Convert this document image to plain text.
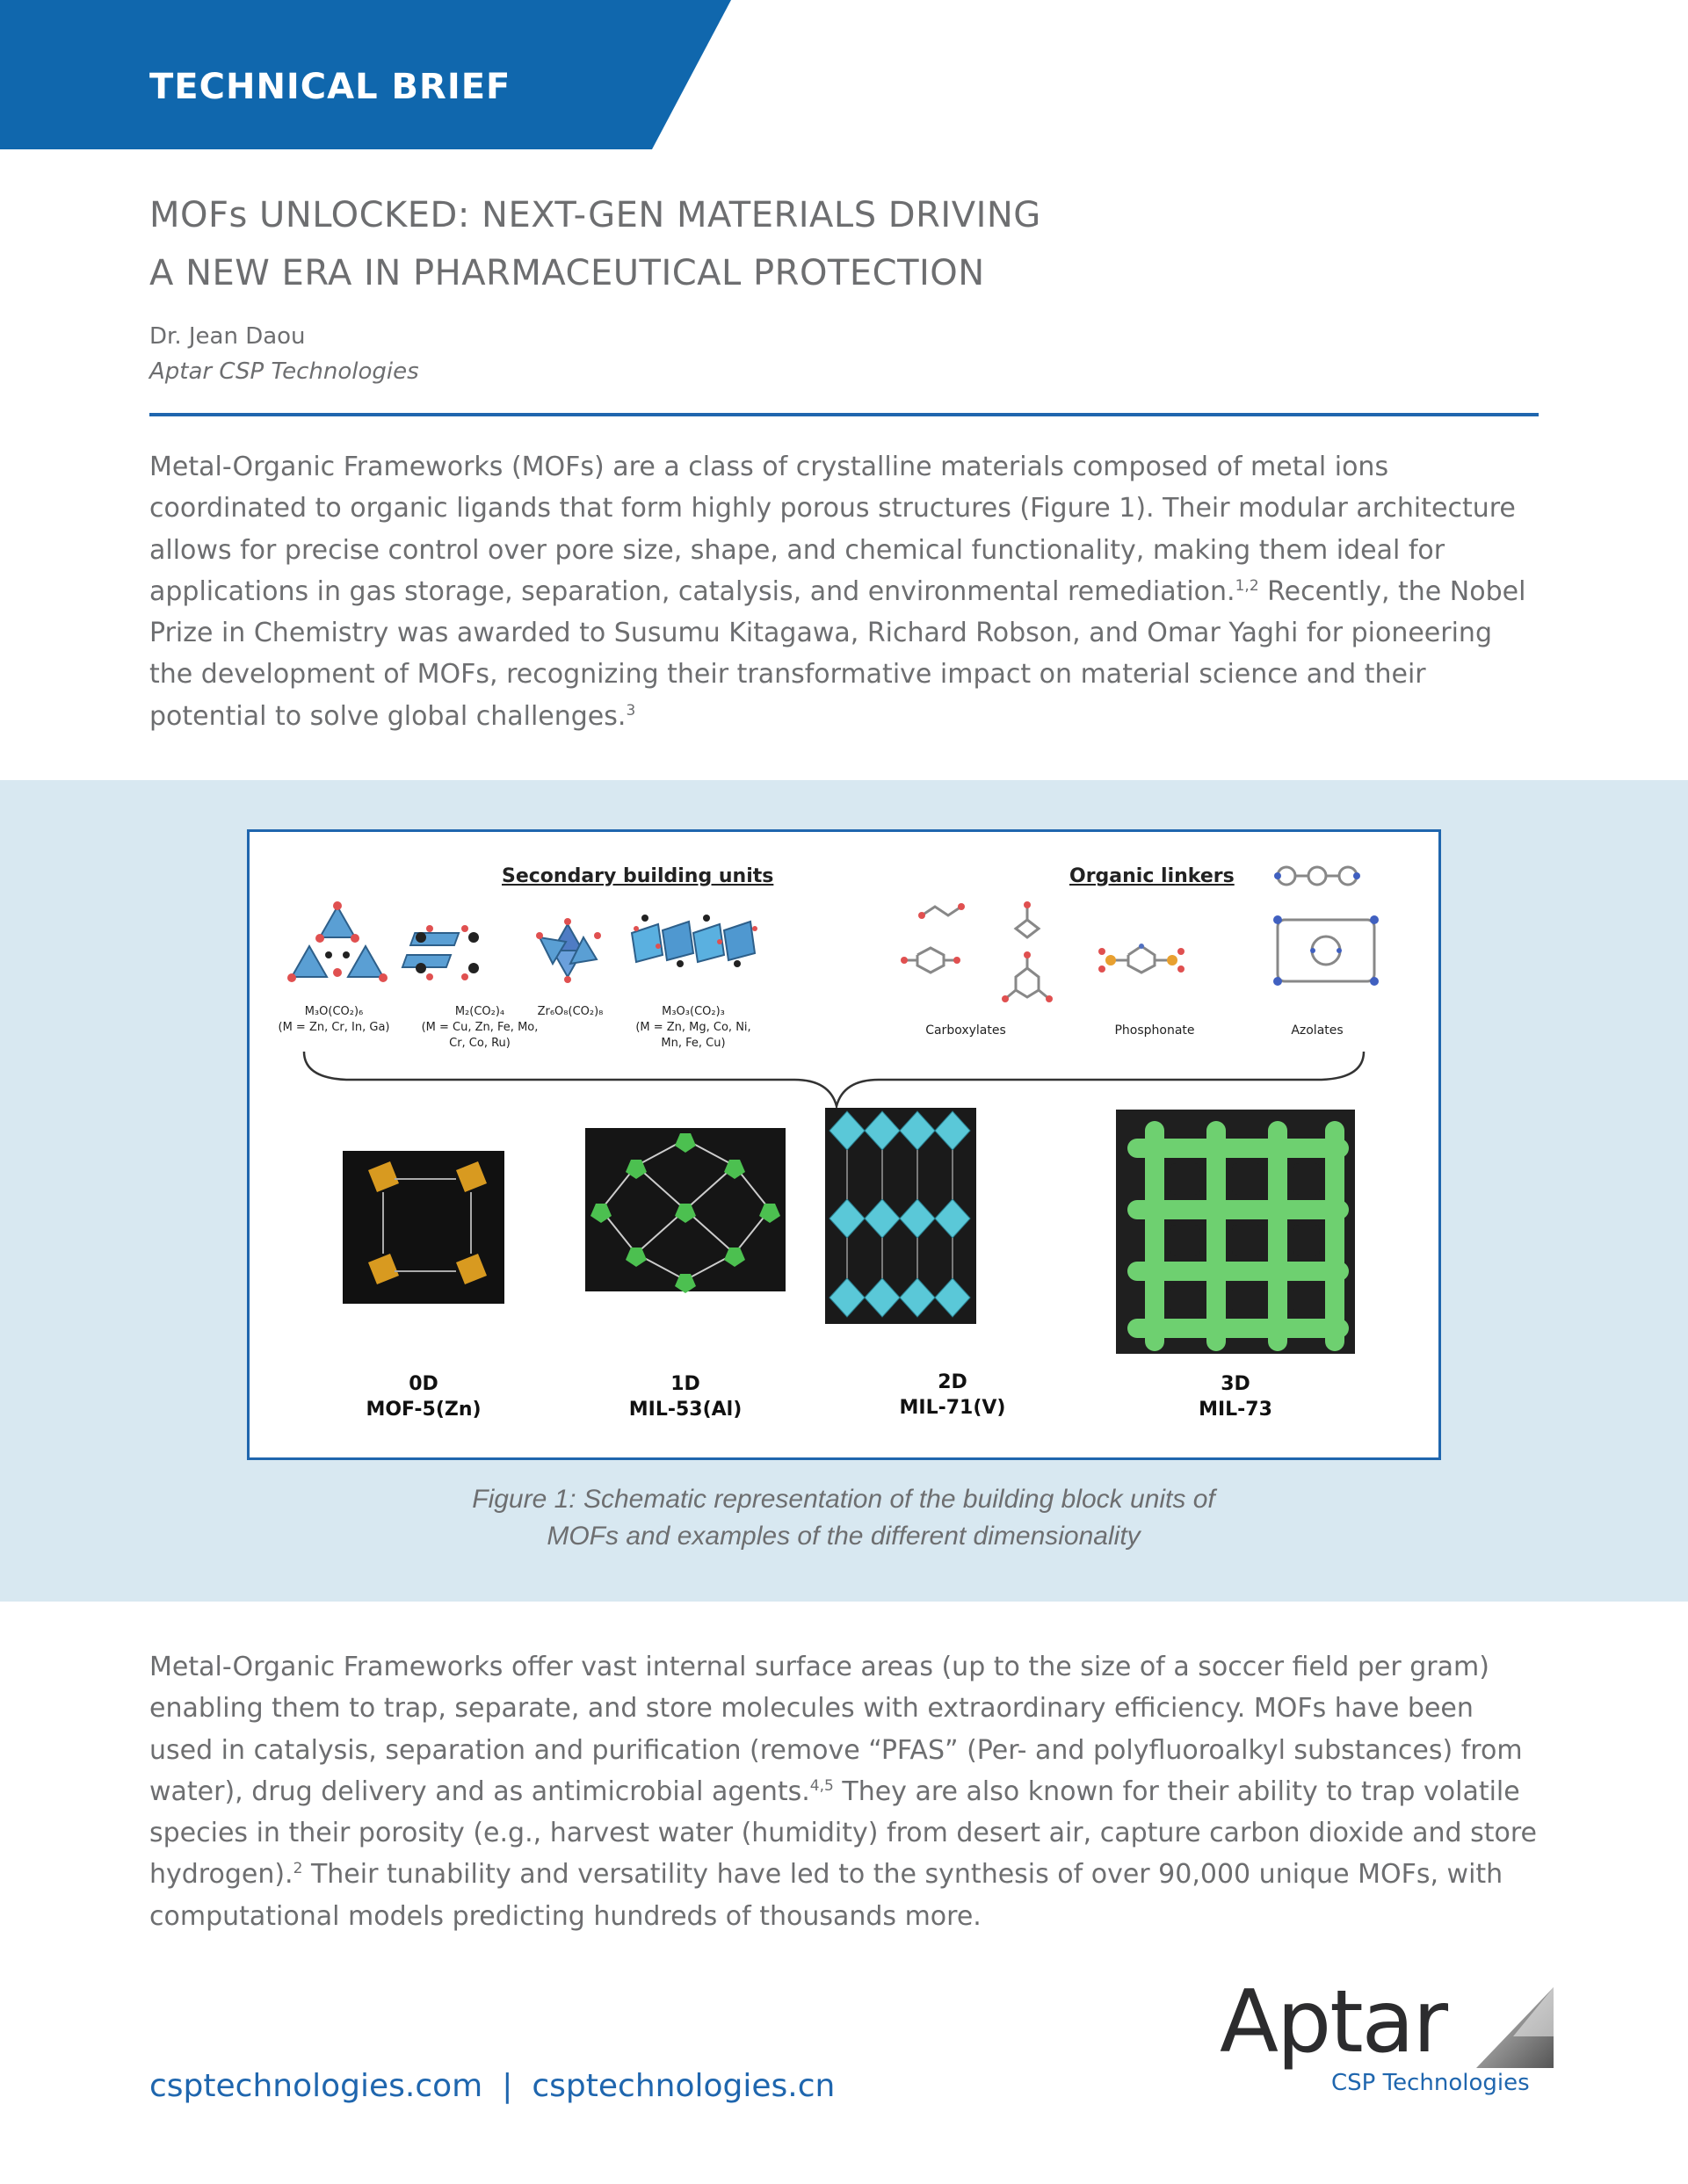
TECHNICAL BRIEF
MOFs UNLOCKED: NEXT-GEN MATERIALS DRIVING
A NEW ERA IN PHARMACEUTICAL PROTECTION
Dr. Jean Daou
Aptar CSP Technologies

Metal-Organic Frameworks (MOFs) are a class of crystalline materials composed of metal ions coordinated to organic ligands that form highly porous structures (Figure 1). Their modular architecture allows for precise control over pore size, shape, and chemical functionality, making them ideal for applications in gas storage, separation, catalysis, and environmental remediation.$^{1,2}$ Recently, the Nobel Prize in Chemistry was awarded to Susumu Kitagawa, Richard Robson, and Omar Yaghi for pioneering the development of MOFs, recognizing their transformative impact on material science and their potential to solve global challenges.$^3$

Secondary building units	Organic linkers
M₃O(CO₂)₆
(M = Zn, Cr, In, Ga)
M₂(CO₂)₄
(M = Cu, Zn, Fe, Mo, Cr, Co, Ru)
Zr₆O₈(CO₂)₈	M₃O₃(CO₂)₃
(M = Zn, Mg, Co, Ni, Mn, Fe, Cu)
Carboxylates	Phosphonate	Azolates
0D
MOF-5(Zn)
1D
MIL-53(Al)
2D
MIL-71(V)
3D
MIL-73
Figure 1: Schematic representation of the building block units of
MOFs and examples of the different dimensionality

Metal-Organic Frameworks offer vast internal surface areas (up to the size of a soccer field per gram) enabling them to trap, separate, and store molecules with extraordinary efficiency. MOFs have been used in catalysis, separation and purification (remove “PFAS” (Per- and polyfluoroalkyl substances) from water), drug delivery and as antimicrobial agents.$^{4,5}$ They are also known for their ability to trap volatile species in their porosity (e.g., harvest water (humidity) from desert air, capture carbon dioxide and store hydrogen).$^2$ Their tunability and versatility have led to the synthesis of over 90,000 unique MOFs, with computational models predicting hundreds of thousands more.

Aptar
CSP Technologies
csptechnologies.com | csptechnologies.cn
